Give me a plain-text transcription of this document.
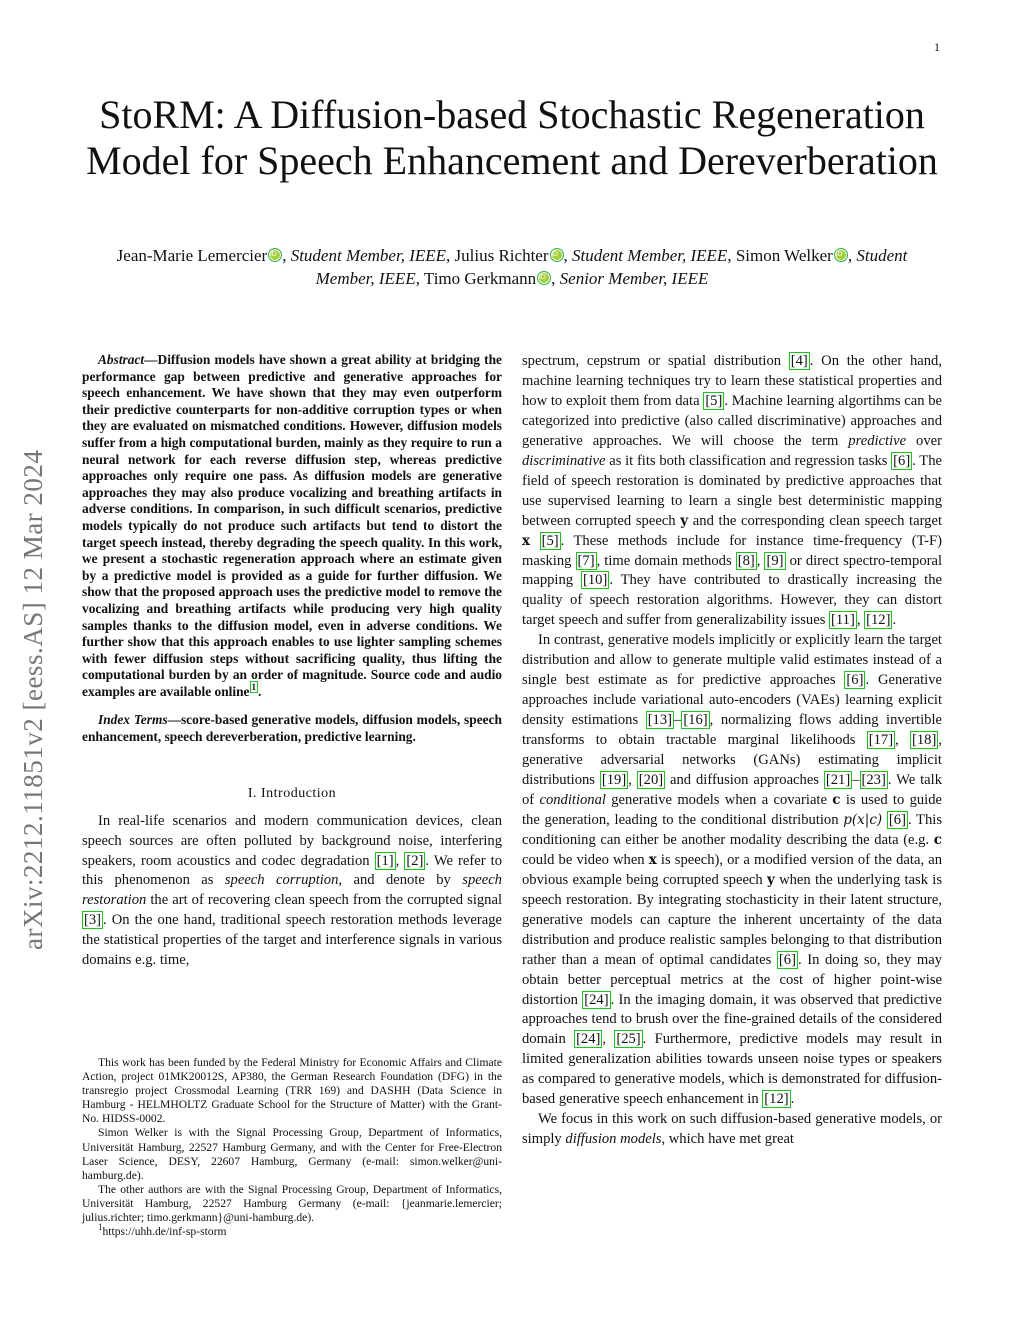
1
arXiv:2212.11851v2 [eess.AS] 12 Mar 2024
StoRM: A Diffusion-based Stochastic Regeneration Model for Speech Enhancement and Dereverberation
Jean-Marie Lemercier iD , Student Member, IEEE, Julius Richter iD , Student Member, IEEE, Simon Welker iD , Student Member, IEEE, Timo Gerkmann iD , Senior Member, IEEE

Abstract—Diffusion models have shown a great ability at bridging the performance gap between predictive and generative approaches for speech enhancement. We have shown that they may even outperform their predictive counterparts for non-additive corruption types or when they are evaluated on mismatched conditions. However, diffusion models suffer from a high computational burden, mainly as they require to run a neural network for each reverse diffusion step, whereas predictive approaches only require one pass. As diffusion models are generative approaches they may also produce vocalizing and breathing artifacts in adverse conditions. In comparison, in such difficult scenarios, predictive models typically do not produce such artifacts but tend to distort the target speech instead, thereby degrading the speech quality. In this work, we present a stochastic regeneration approach where an estimate given by a predictive model is provided as a guide for further diffusion. We show that the proposed approach uses the predictive model to remove the vocalizing and breathing artifacts while producing very high quality samples thanks to the diffusion model, even in adverse conditions. We further show that this approach enables to use lighter sampling schemes with fewer diffusion steps without sacrificing quality, thus lifting the computational burden by an order of magnitude. Source code and audio examples are available online $^1$ .

Index Terms—score-based generative models, diffusion models, speech enhancement, speech dereverberation, predictive learning.

I. Introduction

In real-life scenarios and modern communication devices, clean speech sources are often polluted by background noise, interfering speakers, room acoustics and codec degradation [1] , [2] . We refer to this phenomenon as speech corruption, and denote by speech restoration the art of recovering clean speech from the corrupted signal [3] . On the one hand, traditional speech restoration methods leverage the statistical properties of the target and interference signals in various domains e.g. time,

This work has been funded by the Federal Ministry for Economic Affairs and Climate Action, project 01MK20012S, AP380, the German Research Foundation (DFG) in the transregio project Crossmodal Learning (TRR 169) and DASHH (Data Science in Hamburg - HELMHOLTZ Graduate School for the Structure of Matter) with the Grant-No. HIDSS-0002.

Simon Welker is with the Signal Processing Group, Department of Informatics, Universität Hamburg, 22527 Hamburg Germany, and with the Center for Free-Electron Laser Science, DESY, 22607 Hamburg, Germany (e-mail: simon.welker@uni-hamburg.de).

The other authors are with the Signal Processing Group, Department of Informatics, Universität Hamburg, 22527 Hamburg Germany (e-mail: {jeanmarie.lemercier; julius.richter; timo.gerkmann}@uni-hamburg.de).

$^1$https://uhh.de/inf-sp-storm

spectrum, cepstrum or spatial distribution [4] . On the other hand, machine learning techniques try to learn these statistical properties and how to exploit them from data [5] . Machine learning algortihms can be categorized into predictive (also called discriminative) approaches and generative approaches. We will choose the term predictive over discriminative as it fits both classification and regression tasks [6] . The field of speech restoration is dominated by predictive approaches that use supervised learning to learn a single best deterministic mapping between corrupted speech y and the corresponding clean speech target x [5] . These methods include for instance time-frequency (T-F) masking [7] , time domain methods [8] , [9] or direct spectro-temporal mapping [10] . They have contributed to drastically increasing the quality of speech restoration algorithms. However, they can distort target speech and suffer from generalizability issues [11] , [12] .

In contrast, generative models implicitly or explicitly learn the target distribution and allow to generate multiple valid estimates instead of a single best estimate as for predictive approaches [6] . Generative approaches include variational auto-encoders (VAEs) learning explicit density estimations [13] – [16] , normalizing flows adding invertible transforms to obtain tractable marginal likelihoods [17] , [18] , generative adversarial networks (GANs) estimating implicit distributions [19] , [20] and diffusion approaches [21] – [23] . We talk of conditional generative models when a covariate c is used to guide the generation, leading to the conditional distribution p(x|c) [6] . This conditioning can either be another modality describing the data (e.g. c could be video when x is speech), or a modified version of the data, an obvious example being corrupted speech y when the underlying task is speech restoration. By integrating stochasticity in their latent structure, generative models can capture the inherent uncertainty of the data distribution and produce realistic samples belonging to that distribution rather than a mean of optimal candidates [6] . In doing so, they may obtain better perceptual metrics at the cost of higher point-wise distortion [24] . In the imaging domain, it was observed that predictive approaches tend to brush over the fine-grained details of the considered domain [24] , [25] . Furthermore, predictive models may result in limited generalization abilities towards unseen noise types or speakers as compared to generative models, which is demonstrated for diffusion-based generative speech enhancement in [12] .

We focus in this work on such diffusion-based generative models, or simply diffusion models, which have met great
